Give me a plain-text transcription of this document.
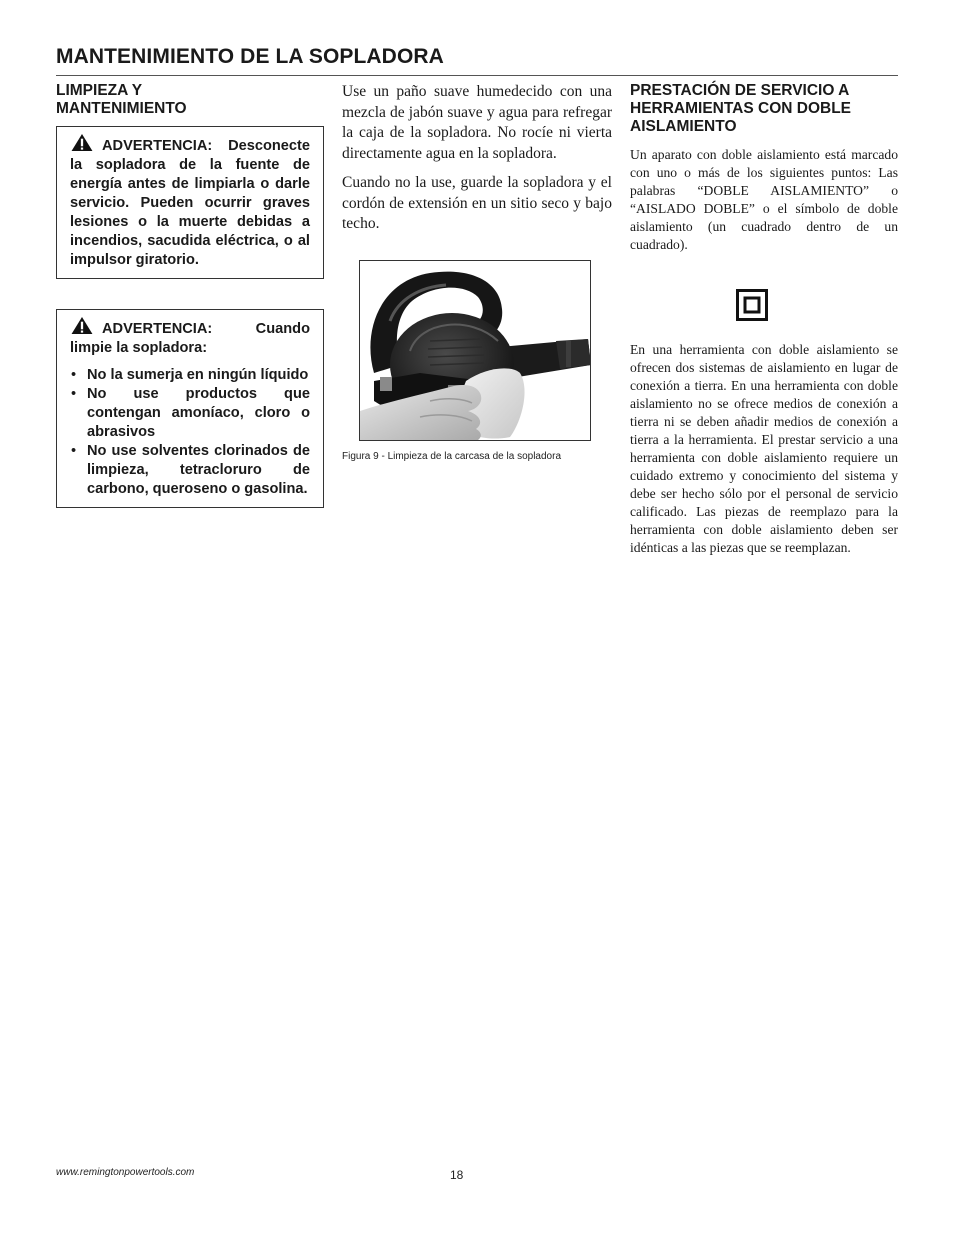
MANTENIMIENTO DE LA SOPLADORA
LIMPIEZA Y MANTENIMIENTO

ADVERTENCIA: Desconecte la sopladora de la fuente de energía antes de limpiarla o darle servicio. Pueden ocurrir graves lesiones o la muerte debidas a incendios, sacudida eléctrica, o al impulsor giratorio.

ADVERTENCIA: Cuando limpie la sopladora:

• No la sumerja en ningún líquido
• No use productos que contengan amoníaco, cloro o abrasivos
• No use solventes clorinados de limpieza, tetracloruro de carbono, queroseno o gasolina.

Use un paño suave humedecido con una mezcla de jabón suave y agua para refregar la caja de la sopladora. No rocíe ni vierta directamente agua en la sopladora.

Cuando no la use, guarde la sopladora y el cordón de extensión en un sitio seco y bajo techo.

Figura 9 - Limpieza de la carcasa de la sopladora
PRESTACIÓN DE SERVICIO A HERRAMIENTAS CON DOBLE AISLAMIENTO

Un aparato con doble aislamiento está marcado con uno o más de los siguientes puntos: Las palabras “DOBLE AISLAMIENTO” o “AISLADO DOBLE” o el símbolo de doble aislamiento (un cuadrado dentro de un cuadrado).

En una herramienta con doble aislamiento se ofrecen dos sistemas de aislamiento en lugar de conexión a tierra. En una herramienta con doble aislamiento no se ofrece medios de conexión a tierra ni se deben añadir medios de conexión a tierra a la herramienta. El prestar servicio a una herramienta con doble aislamiento requiere un cuidado extremo y conocimiento del sistema y debe ser hecho sólo por el personal de servicio calificado. Las piezas de reemplazo para la herramienta con doble aislamiento deben ser idénticas a las piezas que se reemplazan.

www.remingtonpowertools.com	18
